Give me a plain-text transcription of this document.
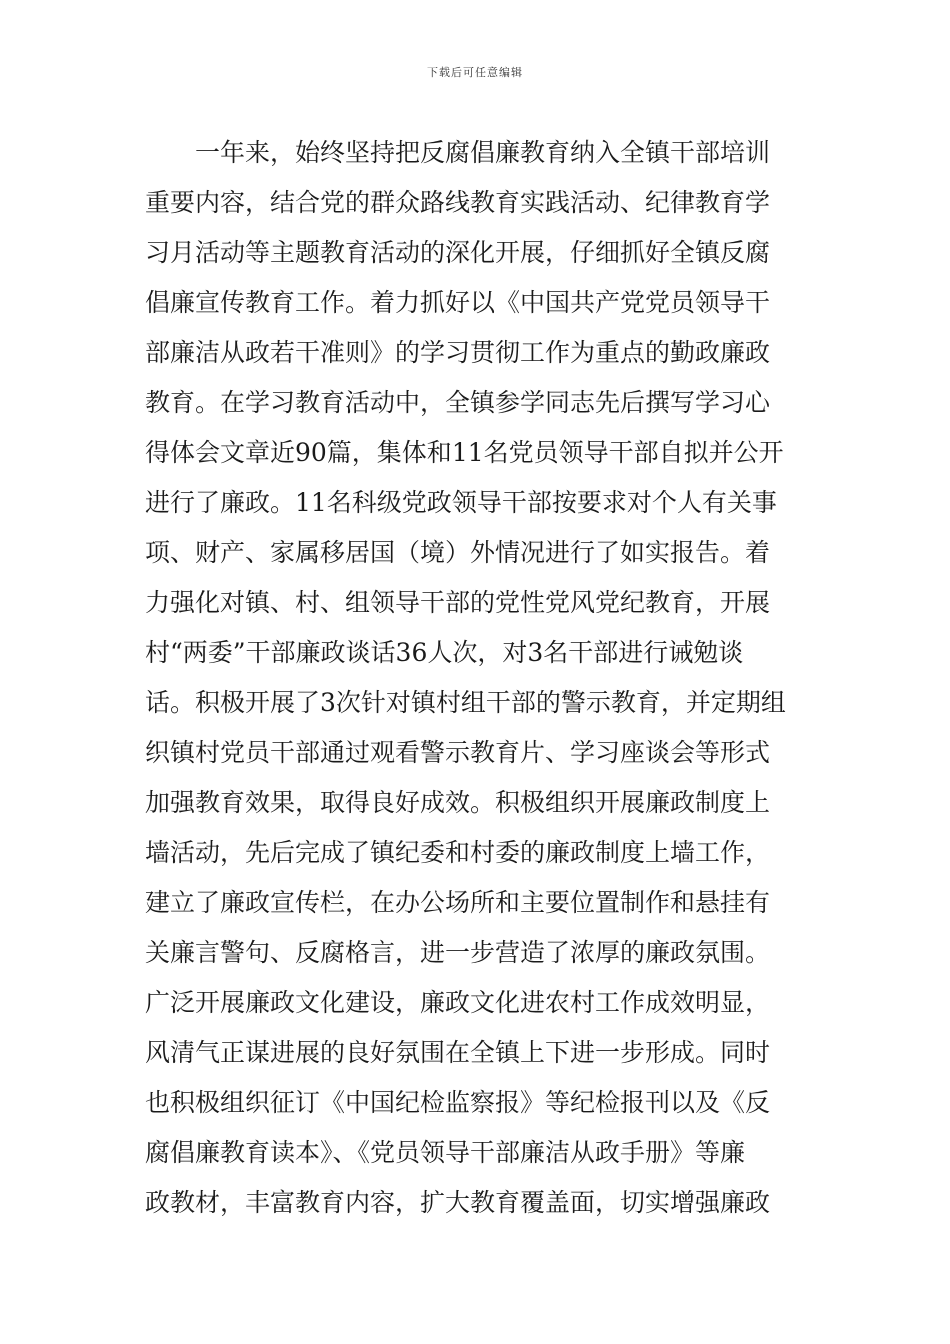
下载后可任意编辑
一年来，始终坚持把反腐倡廉教育纳入全镇干部培训
重要内容，结合党的群众路线教育实践活动、纪律教育学
习月活动等主题教育活动的深化开展，仔细抓好全镇反腐
倡廉宣传教育工作。着力抓好以《中国共产党党员领导干
部廉洁从政若干准则》的学习贯彻工作为重点的勤政廉政
教育。在学习教育活动中，全镇参学同志先后撰写学习心
得体会文章近90篇，集体和11名党员领导干部自拟并公开
进行了廉政。11名科级党政领导干部按要求对个人有关事
项、财产、家属移居国（境）外情况进行了如实报告。着
力强化对镇、村、组领导干部的党性党风党纪教育，开展
村“两委”干部廉政谈话36人次，对3名干部进行诫勉谈
话。积极开展了3次针对镇村组干部的警示教育，并定期组
织镇村党员干部通过观看警示教育片、学习座谈会等形式
加强教育效果，取得良好成效。积极组织开展廉政制度上
墙活动，先后完成了镇纪委和村委的廉政制度上墙工作，
建立了廉政宣传栏，在办公场所和主要位置制作和悬挂有
关廉言警句、反腐格言，进一步营造了浓厚的廉政氛围。
广泛开展廉政文化建设，廉政文化进农村工作成效明显，
风清气正谋进展的良好氛围在全镇上下进一步形成。同时
也积极组织征订《中国纪检监察报》等纪检报刊以及《反
腐倡廉教育读本》、《党员领导干部廉洁从政手册》等廉
政教材，丰富教育内容，扩大教育覆盖面，切实增强廉政
